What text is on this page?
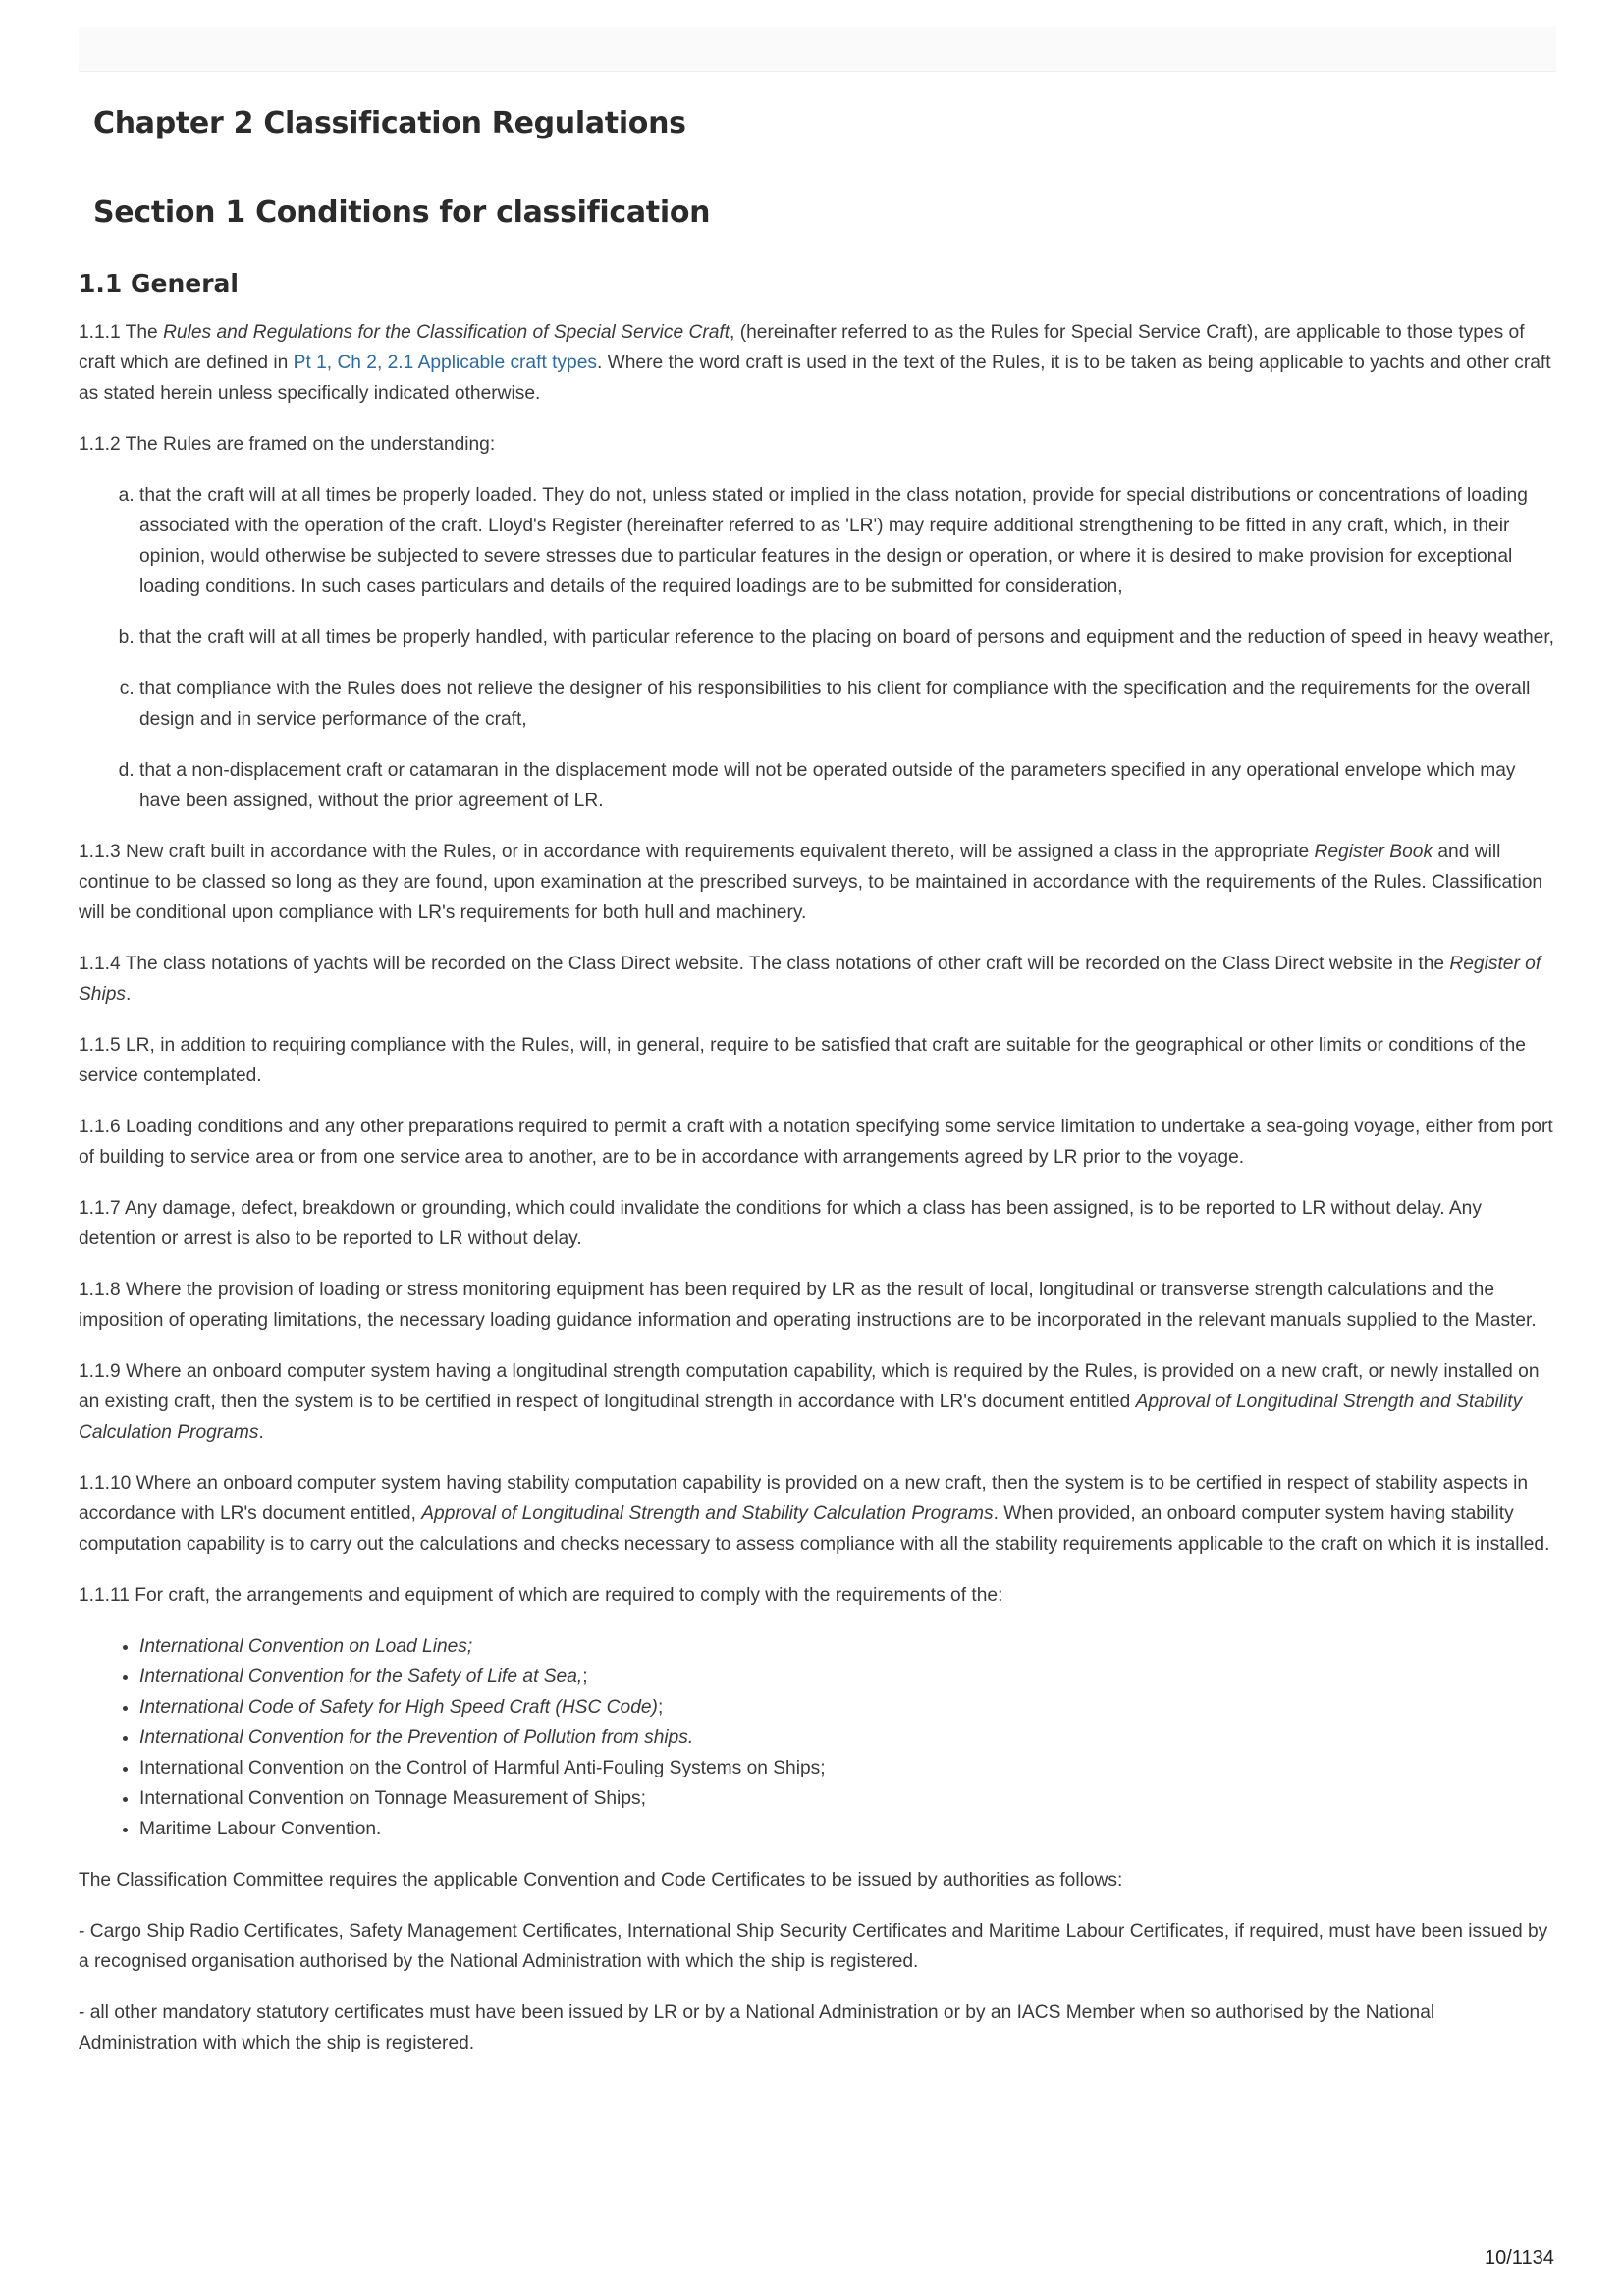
Chapter 2 Classification Regulations
Section 1 Conditions for classification
1.1 General

1.1.1 The Rules and Regulations for the Classification of Special Service Craft, (hereinafter referred to as the Rules for Special Service Craft), are applicable to those types of craft which are defined in Pt 1, Ch 2, 2.1 Applicable craft types. Where the word craft is used in the text of the Rules, it is to be taken as being applicable to yachts and other craft as stated herein unless specifically indicated otherwise.

1.1.2 The Rules are framed on the understanding:

a. that the craft will at all times be properly loaded. They do not, unless stated or implied in the class notation, provide for special distributions or concentrations of loading associated with the operation of the craft. Lloyd's Register (hereinafter referred to as 'LR') may require additional strengthening to be fitted in any craft, which, in their opinion, would otherwise be subjected to severe stresses due to particular features in the design or operation, or where it is desired to make provision for exceptional loading conditions. In such cases particulars and details of the required loadings are to be submitted for consideration,
b. that the craft will at all times be properly handled, with particular reference to the placing on board of persons and equipment and the reduction of speed in heavy weather,
c. that compliance with the Rules does not relieve the designer of his responsibilities to his client for compliance with the specification and the requirements for the overall design and in service performance of the craft,
d. that a non-displacement craft or catamaran in the displacement mode will not be operated outside of the parameters specified in any operational envelope which may have been assigned, without the prior agreement of LR.

1.1.3 New craft built in accordance with the Rules, or in accordance with requirements equivalent thereto, will be assigned a class in the appropriate Register Book and will continue to be classed so long as they are found, upon examination at the prescribed surveys, to be maintained in accordance with the requirements of the Rules. Classification will be conditional upon compliance with LR's requirements for both hull and machinery.

1.1.4 The class notations of yachts will be recorded on the Class Direct website. The class notations of other craft will be recorded on the Class Direct website in the Register of Ships.

1.1.5 LR, in addition to requiring compliance with the Rules, will, in general, require to be satisfied that craft are suitable for the geographical or other limits or conditions of the service contemplated.

1.1.6 Loading conditions and any other preparations required to permit a craft with a notation specifying some service limitation to undertake a sea-going voyage, either from port of building to service area or from one service area to another, are to be in accordance with arrangements agreed by LR prior to the voyage.

1.1.7 Any damage, defect, breakdown or grounding, which could invalidate the conditions for which a class has been assigned, is to be reported to LR without delay. Any detention or arrest is also to be reported to LR without delay.

1.1.8 Where the provision of loading or stress monitoring equipment has been required by LR as the result of local, longitudinal or transverse strength calculations and the imposition of operating limitations, the necessary loading guidance information and operating instructions are to be incorporated in the relevant manuals supplied to the Master.

1.1.9 Where an onboard computer system having a longitudinal strength computation capability, which is required by the Rules, is provided on a new craft, or newly installed on an existing craft, then the system is to be certified in respect of longitudinal strength in accordance with LR's document entitled Approval of Longitudinal Strength and Stability Calculation Programs.

1.1.10 Where an onboard computer system having stability computation capability is provided on a new craft, then the system is to be certified in respect of stability aspects in accordance with LR's document entitled, Approval of Longitudinal Strength and Stability Calculation Programs. When provided, an onboard computer system having stability computation capability is to carry out the calculations and checks necessary to assess compliance with all the stability requirements applicable to the craft on which it is installed.

1.1.11 For craft, the arrangements and equipment of which are required to comply with the requirements of the:

• International Convention on Load Lines;
• International Convention for the Safety of Life at Sea,;
• International Code of Safety for High Speed Craft (HSC Code);
• International Convention for the Prevention of Pollution from ships.
• International Convention on the Control of Harmful Anti-Fouling Systems on Ships;
• International Convention on Tonnage Measurement of Ships;
• Maritime Labour Convention.

The Classification Committee requires the applicable Convention and Code Certificates to be issued by authorities as follows:

- Cargo Ship Radio Certificates, Safety Management Certificates, International Ship Security Certificates and Maritime Labour Certificates, if required, must have been issued by a recognised organisation authorised by the National Administration with which the ship is registered.

- all other mandatory statutory certificates must have been issued by LR or by a National Administration or by an IACS Member when so authorised by the National Administration with which the ship is registered.

10/1134
